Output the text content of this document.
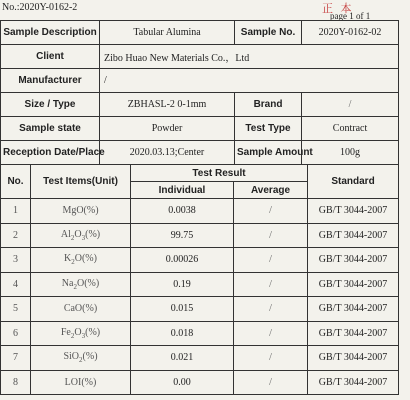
No.:2020Y-0162-2	正 本
page 1 of 1
Sample Description	Tabular Alumina	Sample No.	2020Y-0162-02
Client	Zibo Huao New Materials Co.，Ltd		
Manufacturer	/		
Size / Type	ZBHASL-2 0-1mm	Brand	/
Sample state	Powder	Test Type	Contract
Reception Date/Place	2020.03.13;Center	Sample Amount	100g
No.	Test Items(Unit)	Test Result		Standard
		Individual	Average	
1	MgO(%)	0.0038	/	GB/T 3044-2007
2	$Al_2O_3(\%)$	99.75	/	GB/T 3044-2007
3	$K_2O(\%)$	0.00026	/	GB/T 3044-2007
4	$Na_2O(\%)$	0.19	/	GB/T 3044-2007
5	CaO(%)	0.015	/	GB/T 3044-2007
6	$Fe_2O_3(\%)$	0.018	/	GB/T 3044-2007
7	SiO$_2$(%)	0.021	/	GB/T 3044-2007
8	LOI(%)	0.00	/	GB/T 3044-2007
